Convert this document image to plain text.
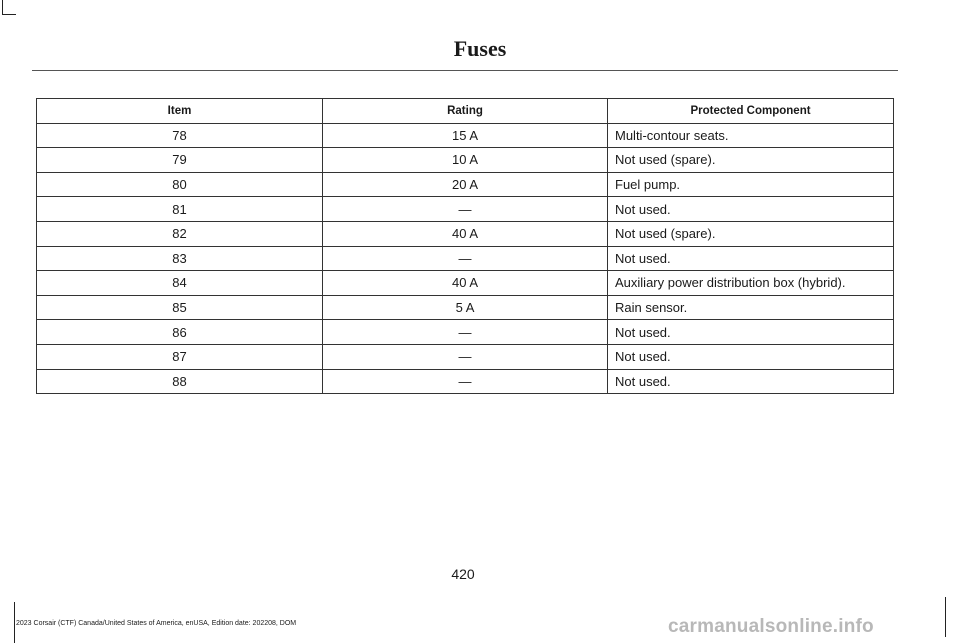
Fuses
Item	Rating	Protected Component
78	15 A	Multi-contour seats.
79	10 A	Not used (spare).
80	20 A	Fuel pump.
81	—	Not used.
82	40 A	Not used (spare).
83	—	Not used.
84	40 A	Auxiliary power distribution box (hybrid).
85	5 A	Rain sensor.
86	—	Not used.
87	—	Not used.
88	—	Not used.
420
2023 Corsair (CTF) Canada/United States of America, enUSA, Edition date: 202208, DOM	carmanualsonline.info
